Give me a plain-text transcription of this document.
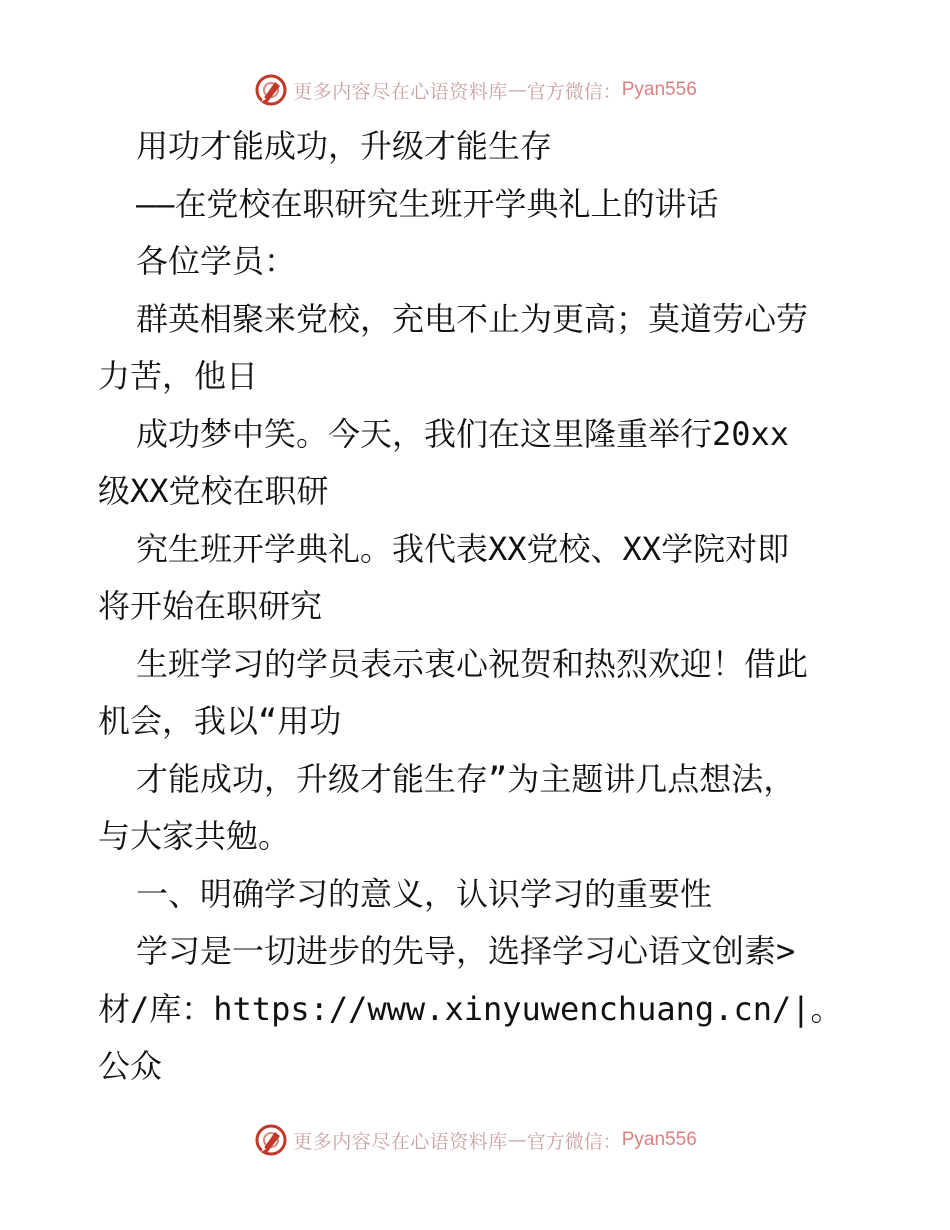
更多内容尽在心语资料库 — 官方微信： Pyan556

用功才能成功，升级才能生存

——在党校在职研究生班开学典礼上的讲话

各位学员：

群英相聚来党校，充电不止为更高；莫道劳心劳

力苦，他日

成功梦中笑。今天，我们在这里隆重举行20xx

级XX党校在职研

究生班开学典礼。我代表XX党校、XX学院对即

将开始在职研究

生班学习的学员表示衷心祝贺和热烈欢迎！借此

机会，我以“用功

才能成功，升级才能生存”为主题讲几点想法，

与大家共勉。

一、明确学习的意义，认识学习的重要性

学习是一切进步的先导，选择学习心语文创素>

材/库：https://www.xinyuwenchuang.cn/|。公众

更多内容尽在心语资料库 — 官方微信： Pyan556
